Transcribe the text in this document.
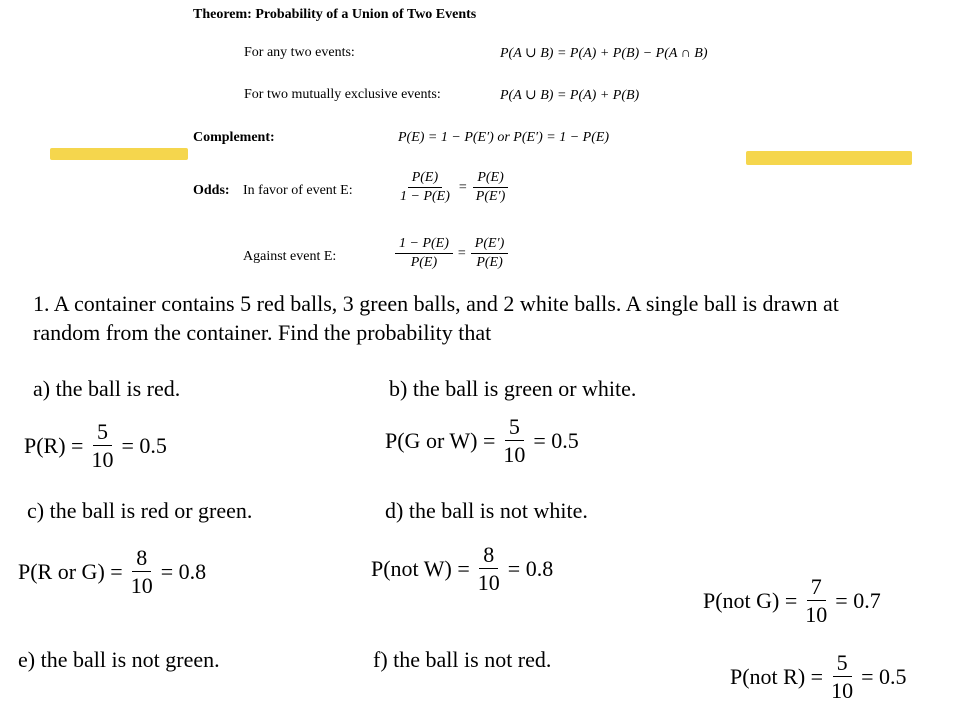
Theorem: Probability of a Union of Two Events
For any two events:	P(A ∪ B) = P(A) + P(B) − P(A ∩ B)
For two mutually exclusive events:	P(A ∪ B) = P(A) + P(B)
Complement:	P(E) = 1 − P(E′) or P(E′) = 1 − P(E)
Odds: In favor of event E:	$\frac{P(E)}{1 - P(E)} = \frac{P(E)}{P(E')}$
Against event E:	$\frac{1 - P(E)}{P(E)} = \frac{P(E')}{P(E)}$
1. A container contains 5 red balls, 3 green balls, and 2 white balls. A single ball is drawn at
random from the container. Find the probability that
a) the ball is red.
$P(R) = \frac{5}{10} = 0.5$
b) the ball is green or white.
P(G or $W) = \frac{5}{10} = 0.5$
c) the ball is red or green.
P(R or $G) = \frac{8}{10} = 0.8$
d) the ball is not white.
P(not $W) = \frac{8}{10} = 0.8$
e) the ball is not green.
P(not $G) = \frac{7}{10} = 0.7$
f) the ball is not red.
P(not $R) = \frac{5}{10} = 0.5$
